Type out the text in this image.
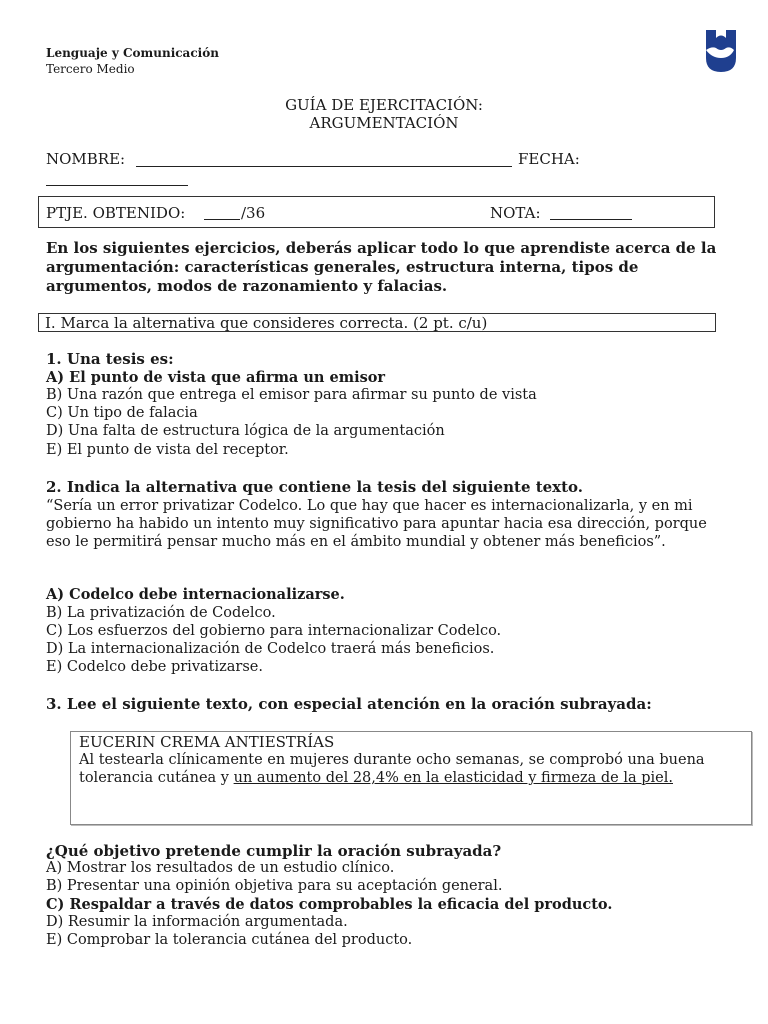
Lenguaje y Comunicación
Tercero Medio
GUÍA DE EJERCITACIÓN:
ARGUMENTACIÓN
NOMBRE:	FECHA:
PTJE. OBTENIDO:	/36	NOTA:
En los siguientes ejercicios, deberás aplicar todo lo que aprendiste acerca de la argumentación: características generales, estructura interna, tipos de argumentos, modos de razonamiento y falacias.
I. Marca la alternativa que consideres correcta. (2 pt. c/u)
1. Una tesis es:
A) El punto de vista que afirma un emisor
B) Una razón que entrega el emisor para afirmar su punto de vista
C) Un tipo de falacia
D) Una falta de estructura lógica de la argumentación
E) El punto de vista del receptor.
2. Indica la alternativa que contiene la tesis del siguiente texto.
“Sería un error privatizar Codelco. Lo que hay que hacer es internacionalizarla, y en mi gobierno ha habido un intento muy significativo para apuntar hacia esa dirección, porque eso le permitirá pensar mucho más en el ámbito mundial y obtener más beneficios”.
A) Codelco debe internacionalizarse.
B) La privatización de Codelco.
C) Los esfuerzos del gobierno para internacionalizar Codelco.
D) La internacionalización de Codelco traerá más beneficios.
E) Codelco debe privatizarse.
3. Lee el siguiente texto, con especial atención en la oración subrayada:
EUCERIN CREMA ANTIESTRÍAS
Al testearla clínicamente en mujeres durante ocho semanas, se comprobó una buena tolerancia cutánea y un aumento del 28,4% en la elasticidad y firmeza de la piel.
¿Qué objetivo pretende cumplir la oración subrayada?
A) Mostrar los resultados de un estudio clínico.
B) Presentar una opinión objetiva para su aceptación general.
C) Respaldar a través de datos comprobables la eficacia del producto.
D) Resumir la información argumentada.
E) Comprobar la tolerancia cutánea del producto.
